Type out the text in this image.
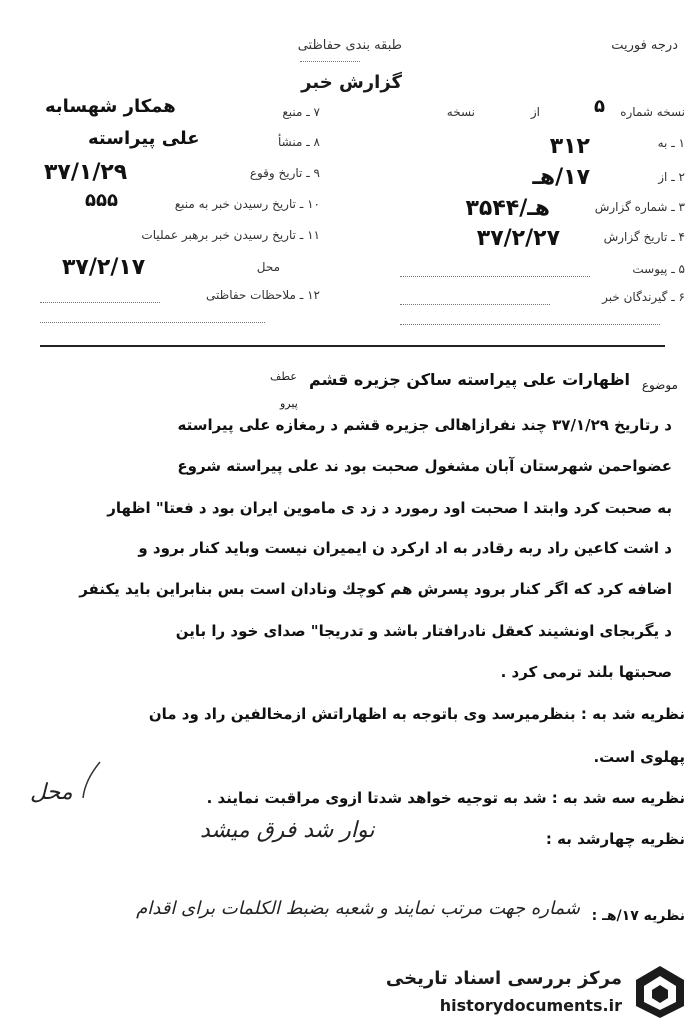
درجه فوریت
طبقه بندی حفاظتی
گزارش خبر
نسخه شماره
۵
از
نسخه
۱ ـ به
۳۱۲
۲ ـ از
۱۷/هـ
۳ ـ شماره گزارش
هـ/۳۵۴۴
۴ ـ تاریخ گزارش
۳۷/۲/۲۷
۵ ـ پیوست
۶ ـ گیرندگان خبر
۷ ـ منبع
همکار شهسابه
۸ ـ منشأ
علی پیراسته
۹ ـ تاریخ وقوع
۳۷/۱/۲۹
۱۰ ـ تاریخ رسیدن خبر به منبع
۵۵۵
۱۱ ـ تاریخ رسیدن خبر برهبر عملیات
محل
۳۷/۲/۱۷
۱۲ ـ ملاحظات حفاظتی
موضوع
اظهارات علی پیراسته ساکن جزیره قشم
عطف
پیرو
د رتاریخ ۳۷/۱/۲۹ چند نفرازاهالی جزیره قشم د رمغازه علی پیراسته
عضواحمن شهرستان آبان مشغول صحبت بود ند علی پیراسته شروع
به صحبت کرد وابتد ا صحبت اود رمورد د زد ی ماموین ایران بود د فعتا" اظهار
د اشت کاعین راد ربه رقادر به اد ارکرد ن ایمیران نیست وباید کنار برود و
اضافه کرد که اگر کنار برود پسرش هم کوچك ونادان است بس بنابراین باید یکنفر
د یگربجای اونشیند کعقل نادرافتار باشد و تدریجا" صدای خود را باین
صحبتها بلند ترمی کرد .
نظریه شد به : بنظرمیرسد وی باتوجه به اظهاراتش ازمخالفین راد ود مان
پهلوی است.
نظریه سه شد به : شد به توجیه خواهد شدتا ازوی مراقبت نمایند .
محل
نظریه چهارشد به :
نوار شد فرق میشد
نظریه ۱۷/هـ :
شماره جهت مرتب نمایند و شعبه بضبط الکلمات برای اقدام
مرکز بررسی اسناد تاریخی
historydocuments.ir
